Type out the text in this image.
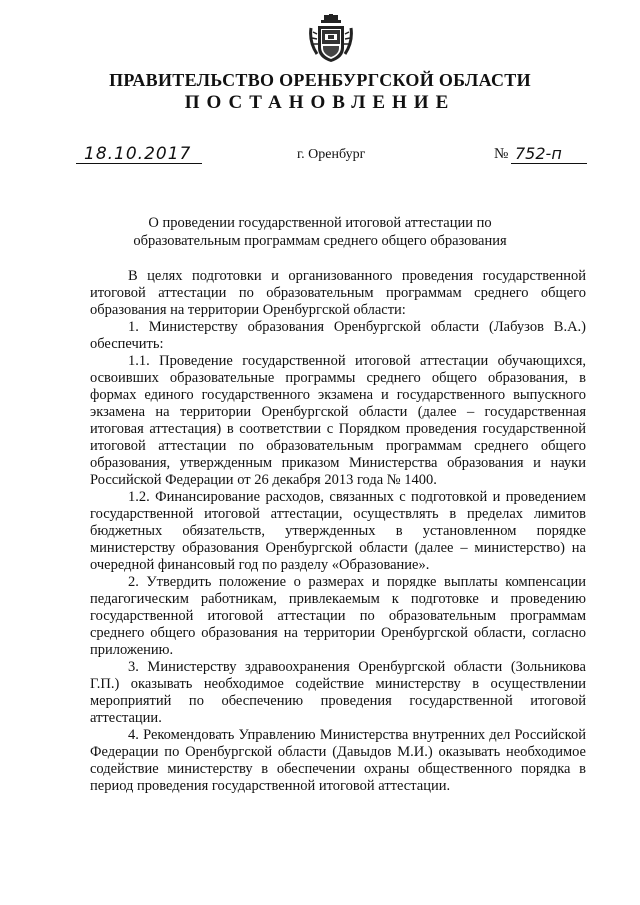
ПРАВИТЕЛЬСТВО ОРЕНБУРГСКОЙ ОБЛАСТИ
ПОСТАНОВЛЕНИЕ
18.10.2017	г. Оренбург	№ 752-п
О проведении государственной итоговой аттестации по образовательным программам среднего общего образования

В целях подготовки и организованного проведения государственной итоговой аттестации по образовательным программам среднего общего образования на территории Оренбургской области:

1. Министерству образования Оренбургской области (Лабузов В.А.) обеспечить:

1.1. Проведение государственной итоговой аттестации обучающихся, освоивших образовательные программы среднего общего образования, в формах единого государственного экзамена и государственного выпускного экзамена на территории Оренбургской области (далее – государственная итоговая аттестация) в соответствии с Порядком проведения государственной итоговой аттестации по образовательным программам среднего общего образования, утвержденным приказом Министерства образования и науки Российской Федерации от 26 декабря 2013 года № 1400.

1.2. Финансирование расходов, связанных с подготовкой и проведением государственной итоговой аттестации, осуществлять в пределах лимитов бюджетных обязательств, утвержденных в установленном порядке министерству образования Оренбургской области (далее – министерство) на очередной финансовый год по разделу «Образование».

2. Утвердить положение о размерах и порядке выплаты компенсации педагогическим работникам, привлекаемым к подготовке и проведению государственной итоговой аттестации по образовательным программам среднего общего образования на территории Оренбургской области, согласно приложению.

3. Министерству здравоохранения Оренбургской области (Зольникова Г.П.) оказывать необходимое содействие министерству в осуществлении мероприятий по обеспечению проведения государственной итоговой аттестации.

4. Рекомендовать Управлению Министерства внутренних дел Российской Федерации по Оренбургской области (Давыдов М.И.) оказывать необходимое содействие министерству в обеспечении охраны общественного порядка в период проведения государственной итоговой аттестации.
